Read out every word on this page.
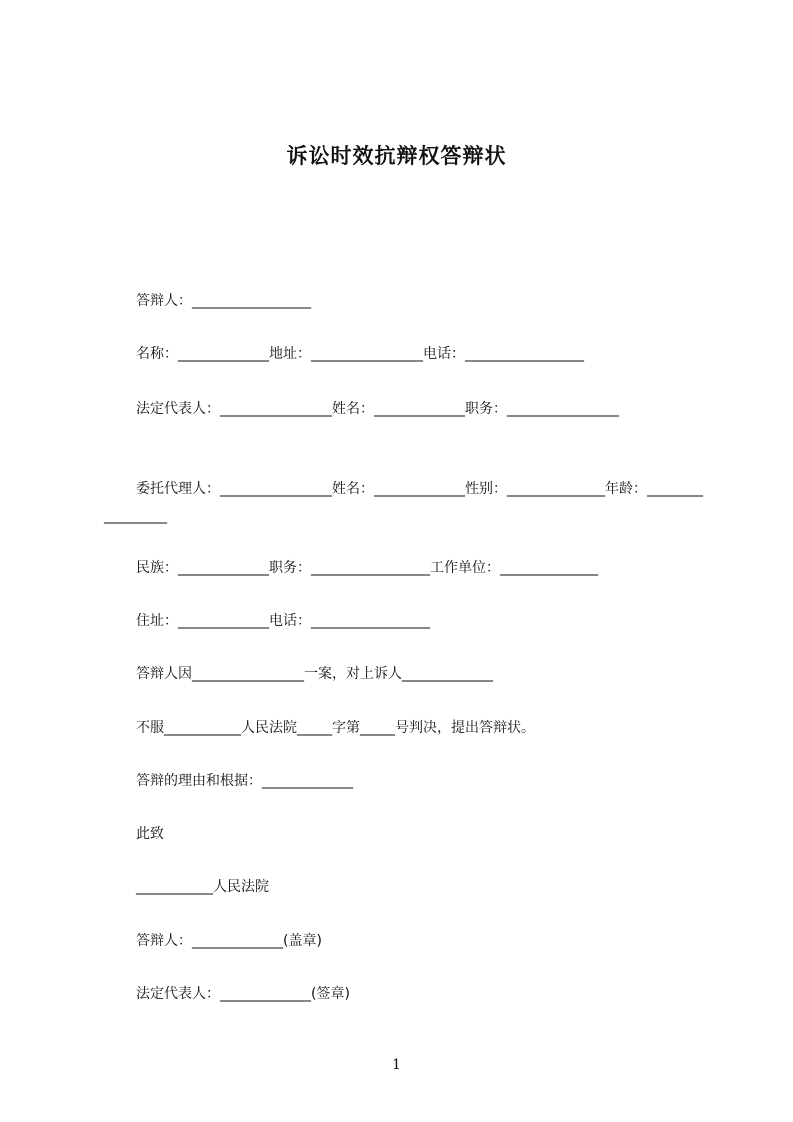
诉讼时效抗辩权答辩状
答辩人：_________________
名称：_____________地址：________________电话：_________________
法定代表人：________________姓名：_____________职务：________________
委托代理人：________________姓名：_____________性别：______________年龄：_________________
民族：_____________职务：_________________工作单位：______________
住址：_____________电话：_________________
答辩人因________________一案，对上诉人_____________
不服___________人民法院_____字第_____号判决，提出答辩状。
答辩的理由和根据：_____________
此致
___________人民法院
答辩人：_____________(盖章)
法定代表人：_____________(签章)
1
